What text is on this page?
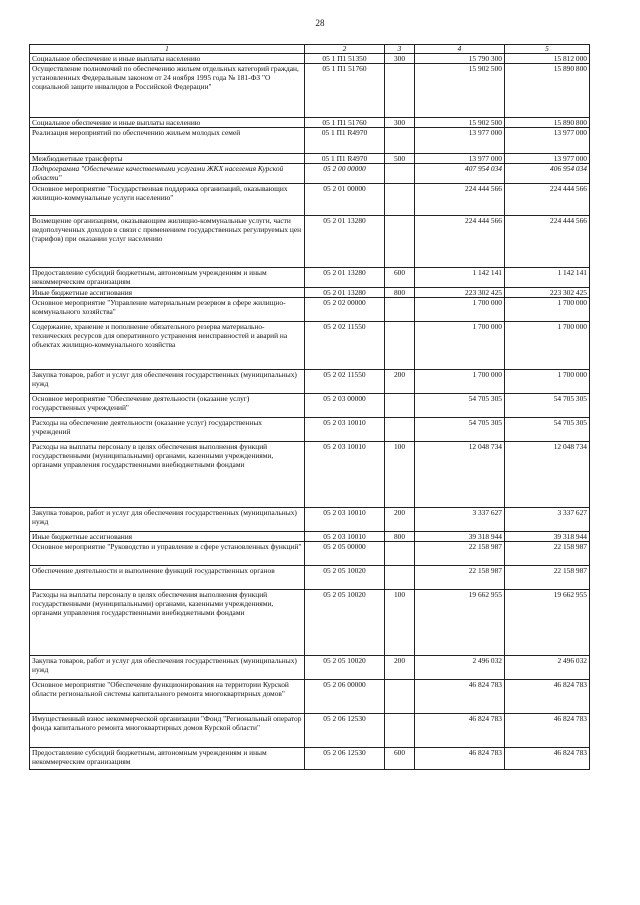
28
1	2	3	4	5
Социальное обеспечение и иные выплаты населению	05 1 П1 51350	300	15 790 300	15 812 000
Осуществление полномочий по обеспечению жильем отдельных категорий граждан, установленных Федеральным законом от 24 ноября 1995 года № 181-ФЗ "О социальной защите инвалидов в Российской Федерации"	05 1 П1 51760		15 902 500	15 890 800
Социальное обеспечение и иные выплаты населению	05 1 П1 51760	300	15 902 500	15 890 800
Реализация мероприятий по обеспечению жильем молодых семей	05 1 П1 R4970		13 977 000	13 977 000
Межбюджетные трансферты	05 1 П1 R4970	500	13 977 000	13 977 000
Подпрограмма "Обеспечение качественными услугами ЖКХ населения Курской области"	05 2 00 00000		407 954 034	406 954 034
Основное мероприятие "Государственная поддержка организаций, оказывающих жилищно-коммунальные услуги населению"	05 2 01 00000		224 444 566	224 444 566
Возмещение организациям, оказывающим жилищно-коммунальные услуги, части недополученных доходов в связи с применением государственных регулируемых цен (тарифов) при оказании услуг населению	05 2 01 13280		224 444 566	224 444 566
Предоставление субсидий бюджетным, автономным учреждениям и иным некоммерческим организациям	05 2 01 13280	600	1 142 141	1 142 141
Иные бюджетные ассигнования	05 2 01 13280	800	223 302 425	223 302 425
Основное мероприятие "Управление материальным резервом в сфере жилищно-коммунального хозяйства"	05 2 02 00000		1 700 000	1 700 000
Содержание, хранение и пополнение обязательного резерва материально-технических ресурсов для оперативного устранения неисправностей и аварий на объектах жилищно-коммунального хозяйства	05 2 02 11550		1 700 000	1 700 000
Закупка товаров, работ и услуг для обеспечения государственных (муниципальных) нужд	05 2 02 11550	200	1 700 000	1 700 000
Основное мероприятие "Обеспечение деятельности (оказание услуг) государственных учреждений"	05 2 03 00000		54 705 305	54 705 305
Расходы на обеспечение деятельности (оказание услуг) государственных учреждений	05 2 03 10010		54 705 305	54 705 305
Расходы на выплаты персоналу в целях обеспечения выполнения функций государственными (муниципальными) органами, казенными учреждениями, органами управления государственными внебюджетными фондами	05 2 03 10010	100	12 048 734	12 048 734
Закупка товаров, работ и услуг для обеспечения государственных (муниципальных) нужд	05 2 03 10010	200	3 337 627	3 337 627
Иные бюджетные ассигнования	05 2 03 10010	800	39 318 944	39 318 944
Основное мероприятие "Руководство и управление в сфере установленных функций"	05 2 05 00000		22 158 987	22 158 987
Обеспечение деятельности и выполнение функций государственных органов	05 2 05 10020		22 158 987	22 158 987
Расходы на выплаты персоналу в целях обеспечения выполнения функций государственными (муниципальными) органами, казенными учреждениями, органами управления государственными внебюджетными фондами	05 2 05 10020	100	19 662 955	19 662 955
Закупка товаров, работ и услуг для обеспечения государственных (муниципальных) нужд	05 2 05 10020	200	2 496 032	2 496 032
Основное мероприятие "Обеспечение функционирования на территории Курской области региональной системы капитального ремонта многоквартирных домов"	05 2 06 00000		46 824 783	46 824 783
Имущественный взнос некоммерческой организации "Фонд "Региональный оператор фонда капитального ремонта многоквартирных домов Курской области"	05 2 06 12530		46 824 783	46 824 783
Предоставление субсидий бюджетным, автономным учреждениям и иным некоммерческим организациям	05 2 06 12530	600	46 824 783	46 824 783
